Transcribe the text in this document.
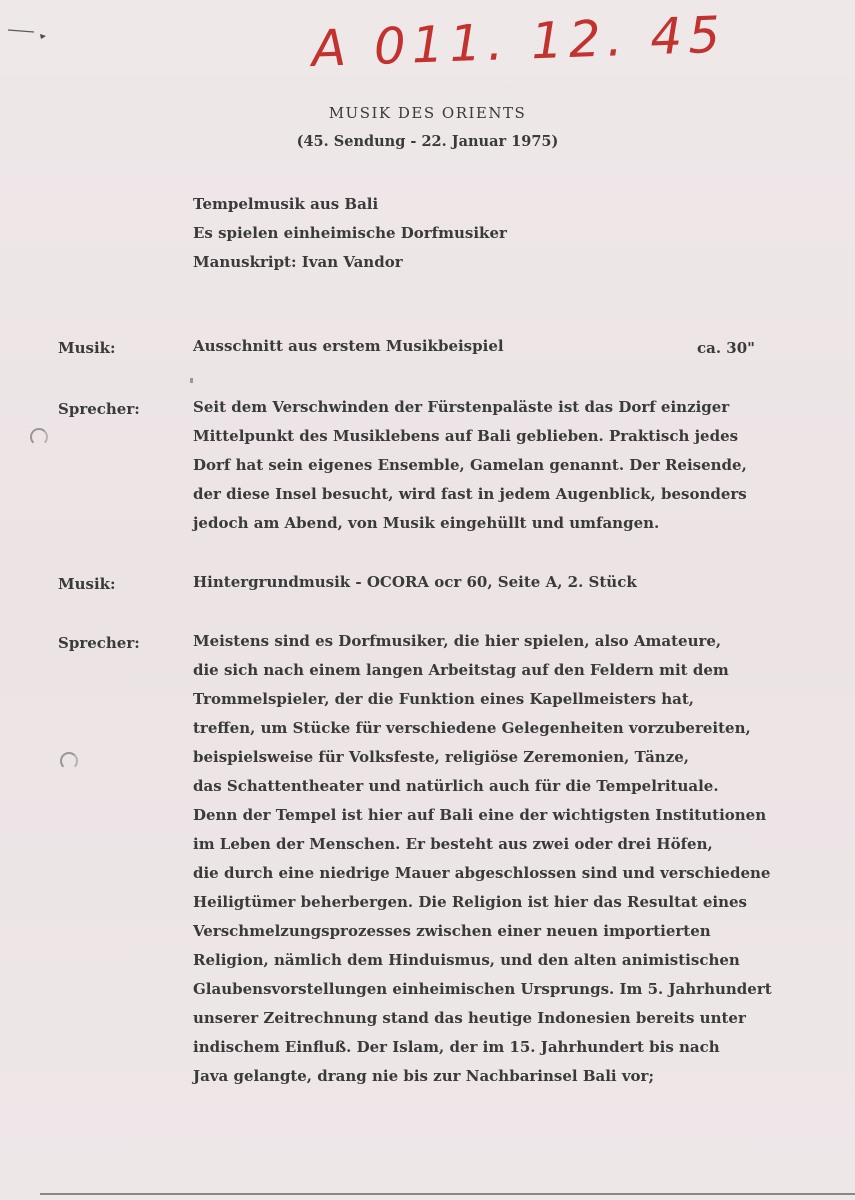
A 011. 12. 45
MUSIK DES ORIENTS
(45. Sendung - 22. Januar 1975)
Tempelmusik aus Bali
Es spielen einheimische Dorfmusiker
Manuskript: Ivan Vandor
Musik:	Ausschnitt aus erstem Musikbeispiel	ca. 30"
Sprecher:	Seit dem Verschwinden der Fürstenpaläste ist das Dorf einziger
Mittelpunkt des Musiklebens auf Bali geblieben. Praktisch jedes
Dorf hat sein eigenes Ensemble, Gamelan genannt. Der Reisende,
der diese Insel besucht, wird fast in jedem Augenblick, besonders
jedoch am Abend, von Musik eingehüllt und umfangen.
Musik:	Hintergrundmusik - OCORA ocr 60, Seite A, 2. Stück
Sprecher:	Meistens sind es Dorfmusiker, die hier spielen, also Amateure,
die sich nach einem langen Arbeitstag auf den Feldern mit dem
Trommelspieler, der die Funktion eines Kapellmeisters hat,
treffen, um Stücke für verschiedene Gelegenheiten vorzubereiten,
beispielsweise für Volksfeste, religiöse Zeremonien, Tänze,
das Schattentheater und natürlich auch für die Tempelrituale.
Denn der Tempel ist hier auf Bali eine der wichtigsten Institutionen
im Leben der Menschen. Er besteht aus zwei oder drei Höfen,
die durch eine niedrige Mauer abgeschlossen sind und verschiedene
Heiligtümer beherbergen. Die Religion ist hier das Resultat eines
Verschmelzungsprozesses zwischen einer neuen importierten
Religion, nämlich dem Hinduismus, und den alten animistischen
Glaubensvorstellungen einheimischen Ursprungs. Im 5. Jahrhundert
unserer Zeitrechnung stand das heutige Indonesien bereits unter
indischem Einfluß. Der Islam, der im 15. Jahrhundert bis nach
Java gelangte, drang nie bis zur Nachbarinsel Bali vor;
